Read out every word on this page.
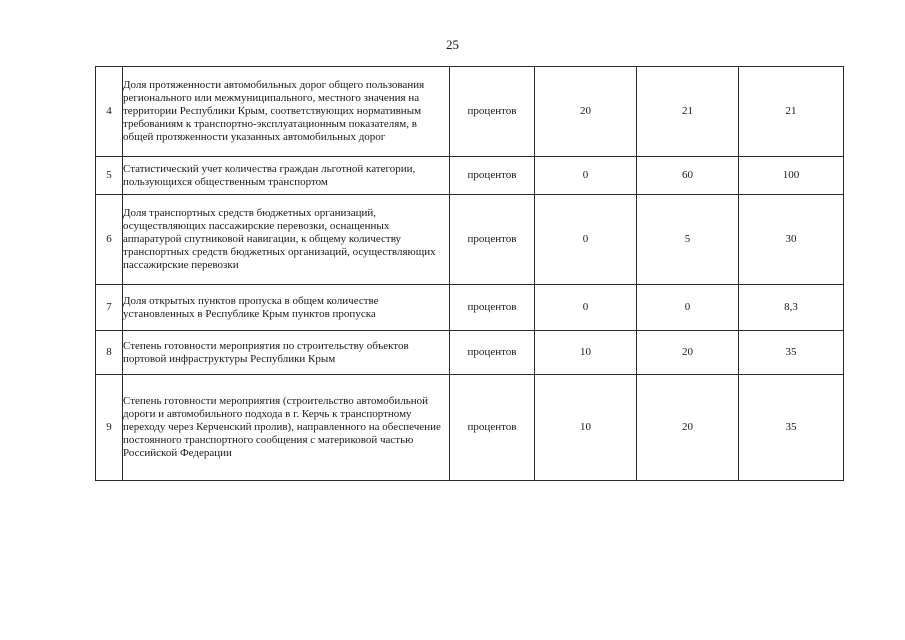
25
4	Доля протяженности автомобильных дорог общего пользования регионального или межмуниципального, местного значения на территории Республики Крым, соответствующих нормативным требованиям к транспортно-эксплуатационным показателям, в общей протяженности указанных автомобильных дорог	процентов	20	21	21
5	Статистический учет количества граждан льготной категории, пользующихся общественным транспортом	процентов	0	60	100
6	Доля транспортных средств бюджетных организаций, осуществляющих пассажирские перевозки, оснащенных аппаратурой спутниковой навигации, к общему количеству транспортных средств бюджетных организаций, осуществляющих пассажирские перевозки	процентов	0	5	30
7	Доля открытых пунктов пропуска в общем количестве установленных в Республике Крым пунктов пропуска	процентов	0	0	8,3
8	Степень готовности мероприятия по строительству объектов портовой инфраструктуры Республики Крым	процентов	10	20	35
9	Степень готовности мероприятия (строительство автомобильной дороги и автомобильного подхода в г. Керчь к транспортному переходу через Керченский пролив), направленного на обеспечение постоянного транспортного сообщения с материковой частью Российской Федерации	процентов	10	20	35
